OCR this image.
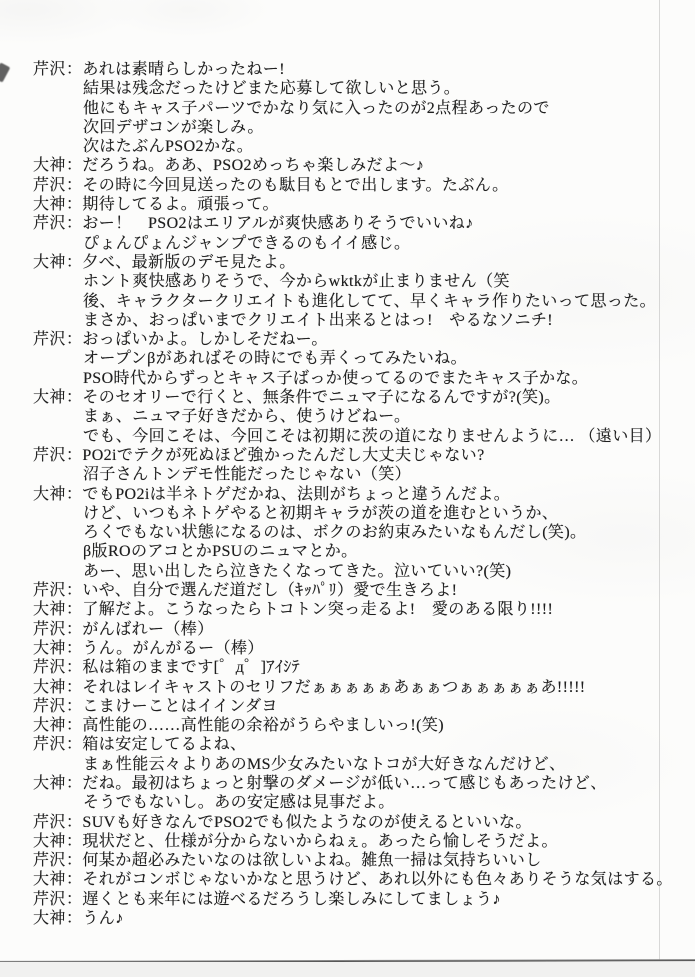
芹沢：あれは素晴らしかったねー!
結果は残念だったけどまた応募して欲しいと思う。
他にもキャス子パーツでかなり気に入ったのが2点程あったので
次回デザコンが楽しみ。
次はたぶんPSO2かな。
大神：だろうね。ああ、PSO2めっちゃ楽しみだよ～♪
芹沢：その時に今回見送ったのも駄目もとで出します。たぶん。
大神：期待してるよ。頑張って。
芹沢：おー！　PSO2はエリアルが爽快感ありそうでいいね♪
ぴょんぴょんジャンプできるのもイイ感じ。
大神：夕べ、最新版のデモ見たよ。
ホント爽快感ありそうで、今からwktkが止まりません（笑
後、キャラクタークリエイトも進化してて、早くキャラ作りたいって思った。
まさか、おっぱいまでクリエイト出来るとはっ!　やるなソニチ!
芹沢：おっぱいかよ。しかしそだねー。
オープンβがあればその時にでも弄くってみたいね。
PSO時代からずっとキャス子ばっか使ってるのでまたキャス子かな。
大神：そのセオリーで行くと、無条件でニュマ子になるんですが?(笑)。
まぁ、ニュマ子好きだから、使うけどねー。
でも、今回こそは、今回こそは初期に茨の道になりませんように… （遠い目）
芹沢：PO2iでテクが死ぬほど強かったんだし大丈夫じゃない?
沼子さんトンデモ性能だったじゃない（笑）
大神：でもPO2iは半ネトゲだかね、法則がちょっと違うんだよ。
けど、いつもネトゲやると初期キャラが茨の道を進むというか、
ろくでもない状態になるのは、ボクのお約束みたいなもんだし(笑)。
β版ROのアコとかPSUのニュマとか。
あー、思い出したら泣きたくなってきた。泣いていい?(笑)
芹沢：いや、自分で選んだ道だし（ｷｯﾊﾟﾘ）愛で生きろよ!
大神：了解だよ。こうなったらトコトン突っ走るよ!　愛のある限り!!!!
芹沢：がんばれー（棒）
大神：うん。がんがるー（棒）
芹沢：私は箱のままです[゜д゜]ｱｲｼﾃ
大神：それはレイキャストのセリフだぁぁぁぁぁあぁぁつぁぁぁぁぁあ!!!!!
芹沢：こまけーことはイインダヨ
大神：高性能の……高性能の余裕がうらやましいっ!(笑)
芹沢：箱は安定してるよね、
まぁ性能云々よりあのMS少女みたいなトコが大好きなんだけど、
大神：だね。最初はちょっと射撃のダメージが低い…って感じもあったけど、
そうでもないし。あの安定感は見事だよ。
芹沢：SUVも好きなんでPSO2でも似たようなのが使えるといいな。
大神：現状だと、仕様が分からないからねぇ。あったら愉しそうだよ。
芹沢：何某か超必みたいなのは欲しいよね。雑魚一掃は気持ちいいし
大神：それがコンボじゃないかなと思うけど、あれ以外にも色々ありそうな気はする。
芹沢：遅くとも来年には遊べるだろうし楽しみにしてましょう♪
大神：うん♪
